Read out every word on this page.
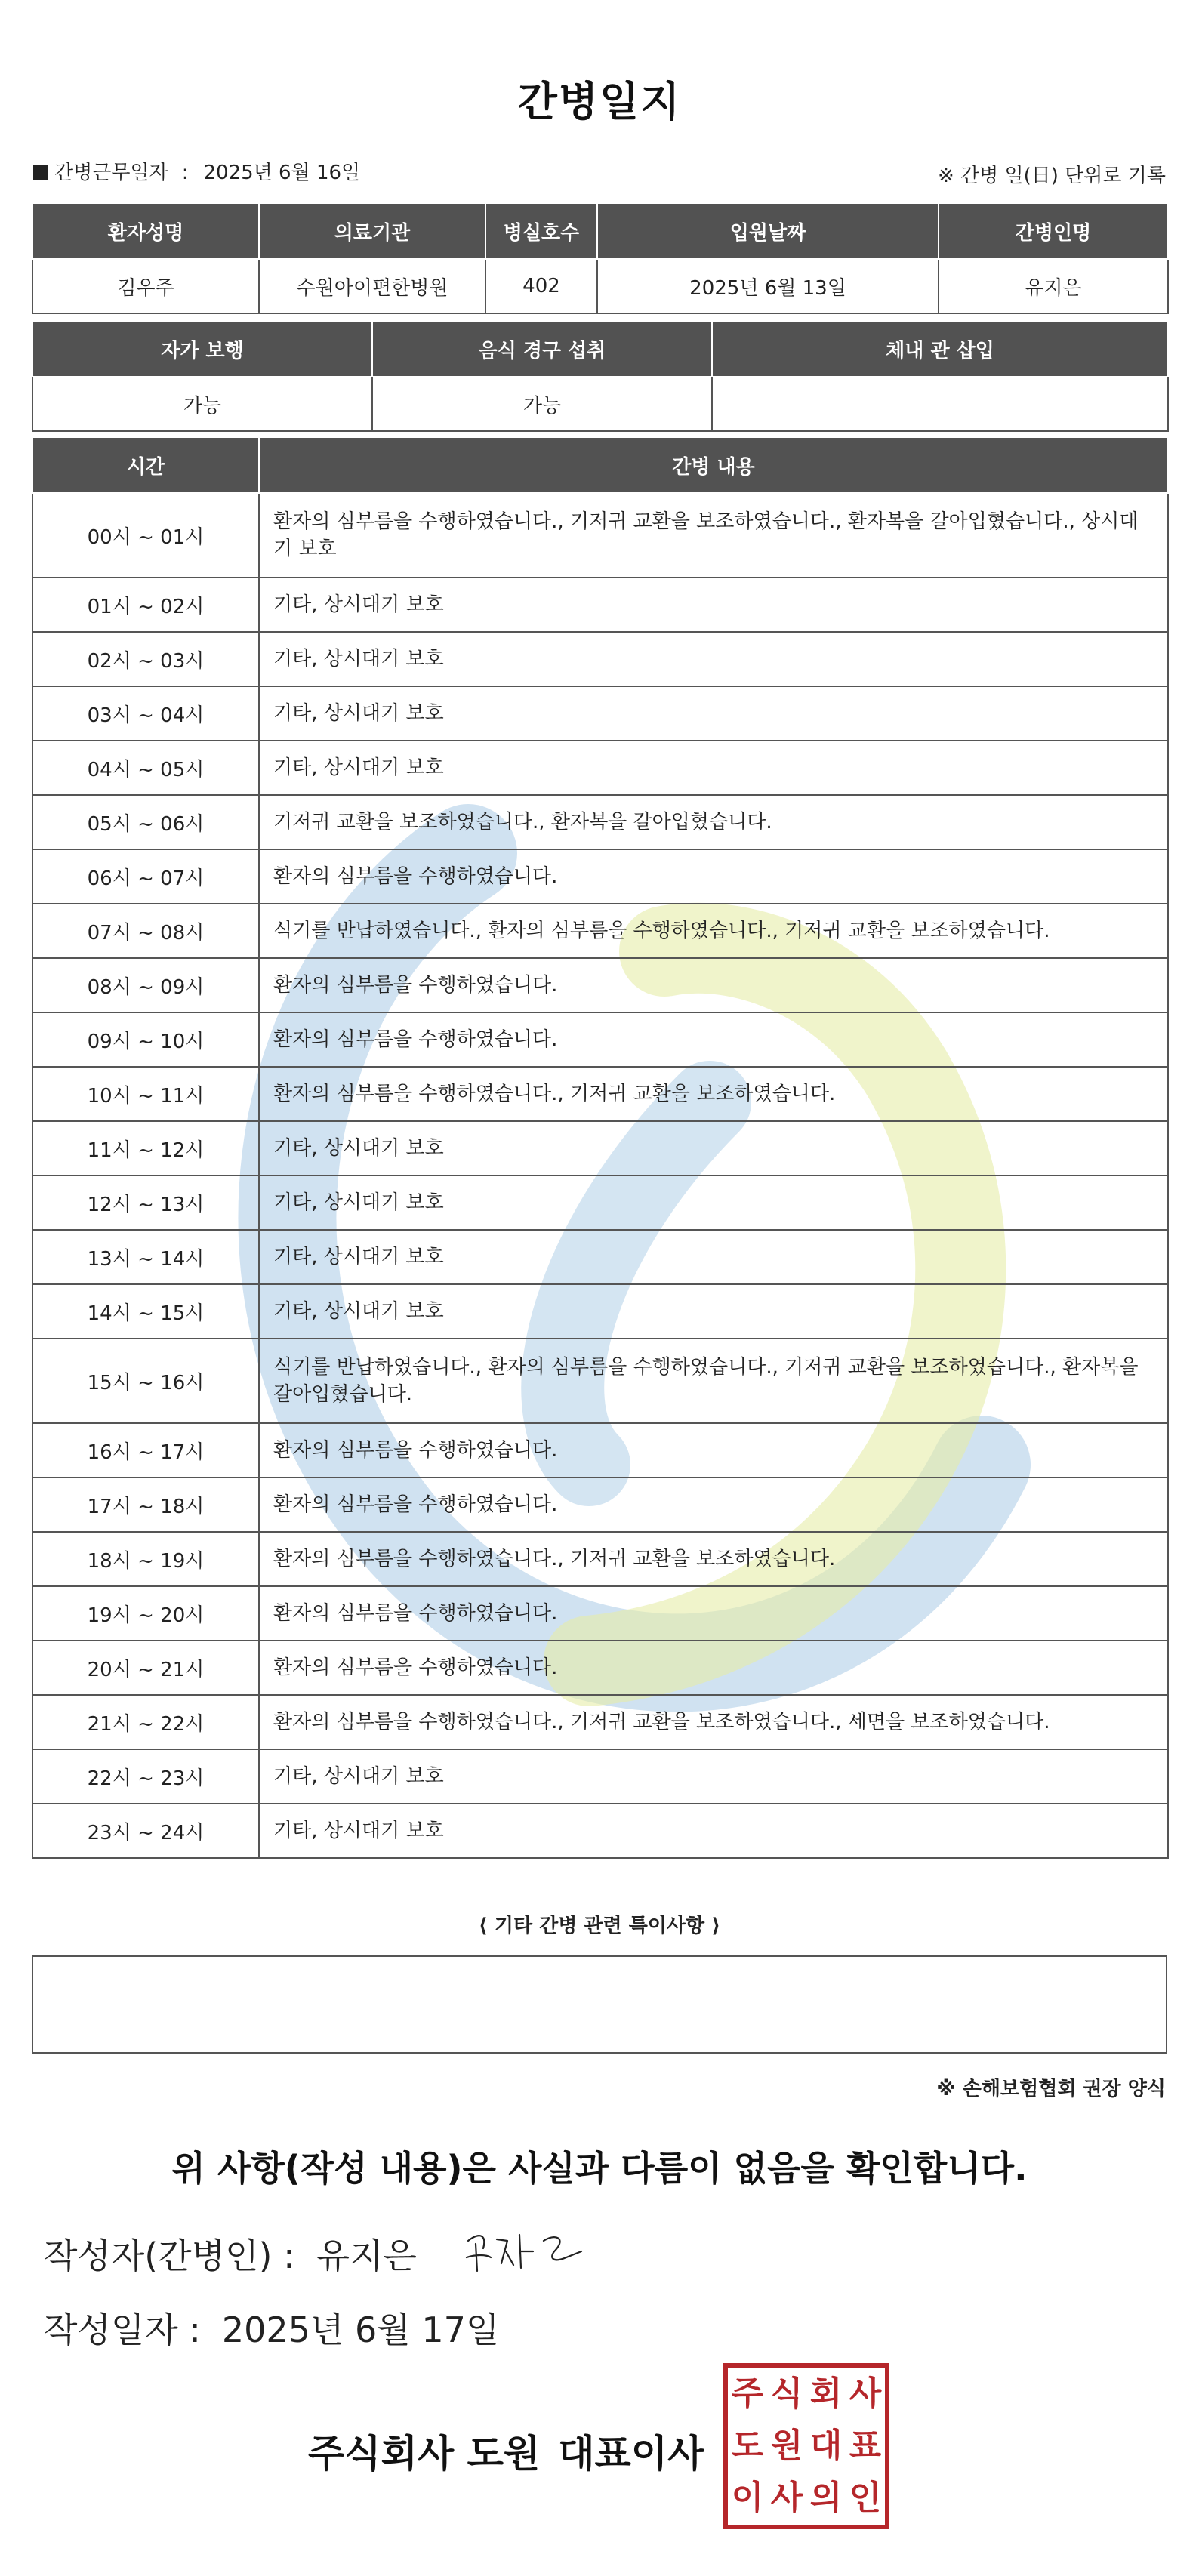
간병일지
간병근무일자 : 2025년 6월 16일	※ 간병 일(日) 단위로 기록
환자성명	의료기관	병실호수	입원날짜	간병인명
김우주	수원아이편한병원	402	2025년 6월 13일	유지은
자가 보행	음식 경구 섭취	체내 관 삽입
가능	가능	
시간	간병 내용
00시 ~ 01시	환자의 심부름을 수행하였습니다., 기저귀 교환을 보조하였습니다., 환자복을 갈아입혔습니다., 상시대기 보호
01시 ~ 02시	기타, 상시대기 보호
02시 ~ 03시	기타, 상시대기 보호
03시 ~ 04시	기타, 상시대기 보호
04시 ~ 05시	기타, 상시대기 보호
05시 ~ 06시	기저귀 교환을 보조하였습니다., 환자복을 갈아입혔습니다.
06시 ~ 07시	환자의 심부름을 수행하였습니다.
07시 ~ 08시	식기를 반납하였습니다., 환자의 심부름을 수행하였습니다., 기저귀 교환을 보조하였습니다.
08시 ~ 09시	환자의 심부름을 수행하였습니다.
09시 ~ 10시	환자의 심부름을 수행하였습니다.
10시 ~ 11시	환자의 심부름을 수행하였습니다., 기저귀 교환을 보조하였습니다.
11시 ~ 12시	기타, 상시대기 보호
12시 ~ 13시	기타, 상시대기 보호
13시 ~ 14시	기타, 상시대기 보호
14시 ~ 15시	기타, 상시대기 보호
15시 ~ 16시	식기를 반납하였습니다., 환자의 심부름을 수행하였습니다., 기저귀 교환을 보조하였습니다., 환자복을 갈아입혔습니다.
16시 ~ 17시	환자의 심부름을 수행하였습니다.
17시 ~ 18시	환자의 심부름을 수행하였습니다.
18시 ~ 19시	환자의 심부름을 수행하였습니다., 기저귀 교환을 보조하였습니다.
19시 ~ 20시	환자의 심부름을 수행하였습니다.
20시 ~ 21시	환자의 심부름을 수행하였습니다.
21시 ~ 22시	환자의 심부름을 수행하였습니다., 기저귀 교환을 보조하였습니다., 세면을 보조하였습니다.
22시 ~ 23시	기타, 상시대기 보호
23시 ~ 24시	기타, 상시대기 보호
⟨ 기타 간병 관련 특이사항 ⟩
※ 손해보험협회 권장 양식
위 사항(작성 내용)은 사실과 다름이 없음을 확인합니다.
작성자(간병인) : 유지은
작성일자 : 2025년 6월 17일
주식회사 도원 대표이사
주 식 회 사
도 원 대 표
이 사 의 인
